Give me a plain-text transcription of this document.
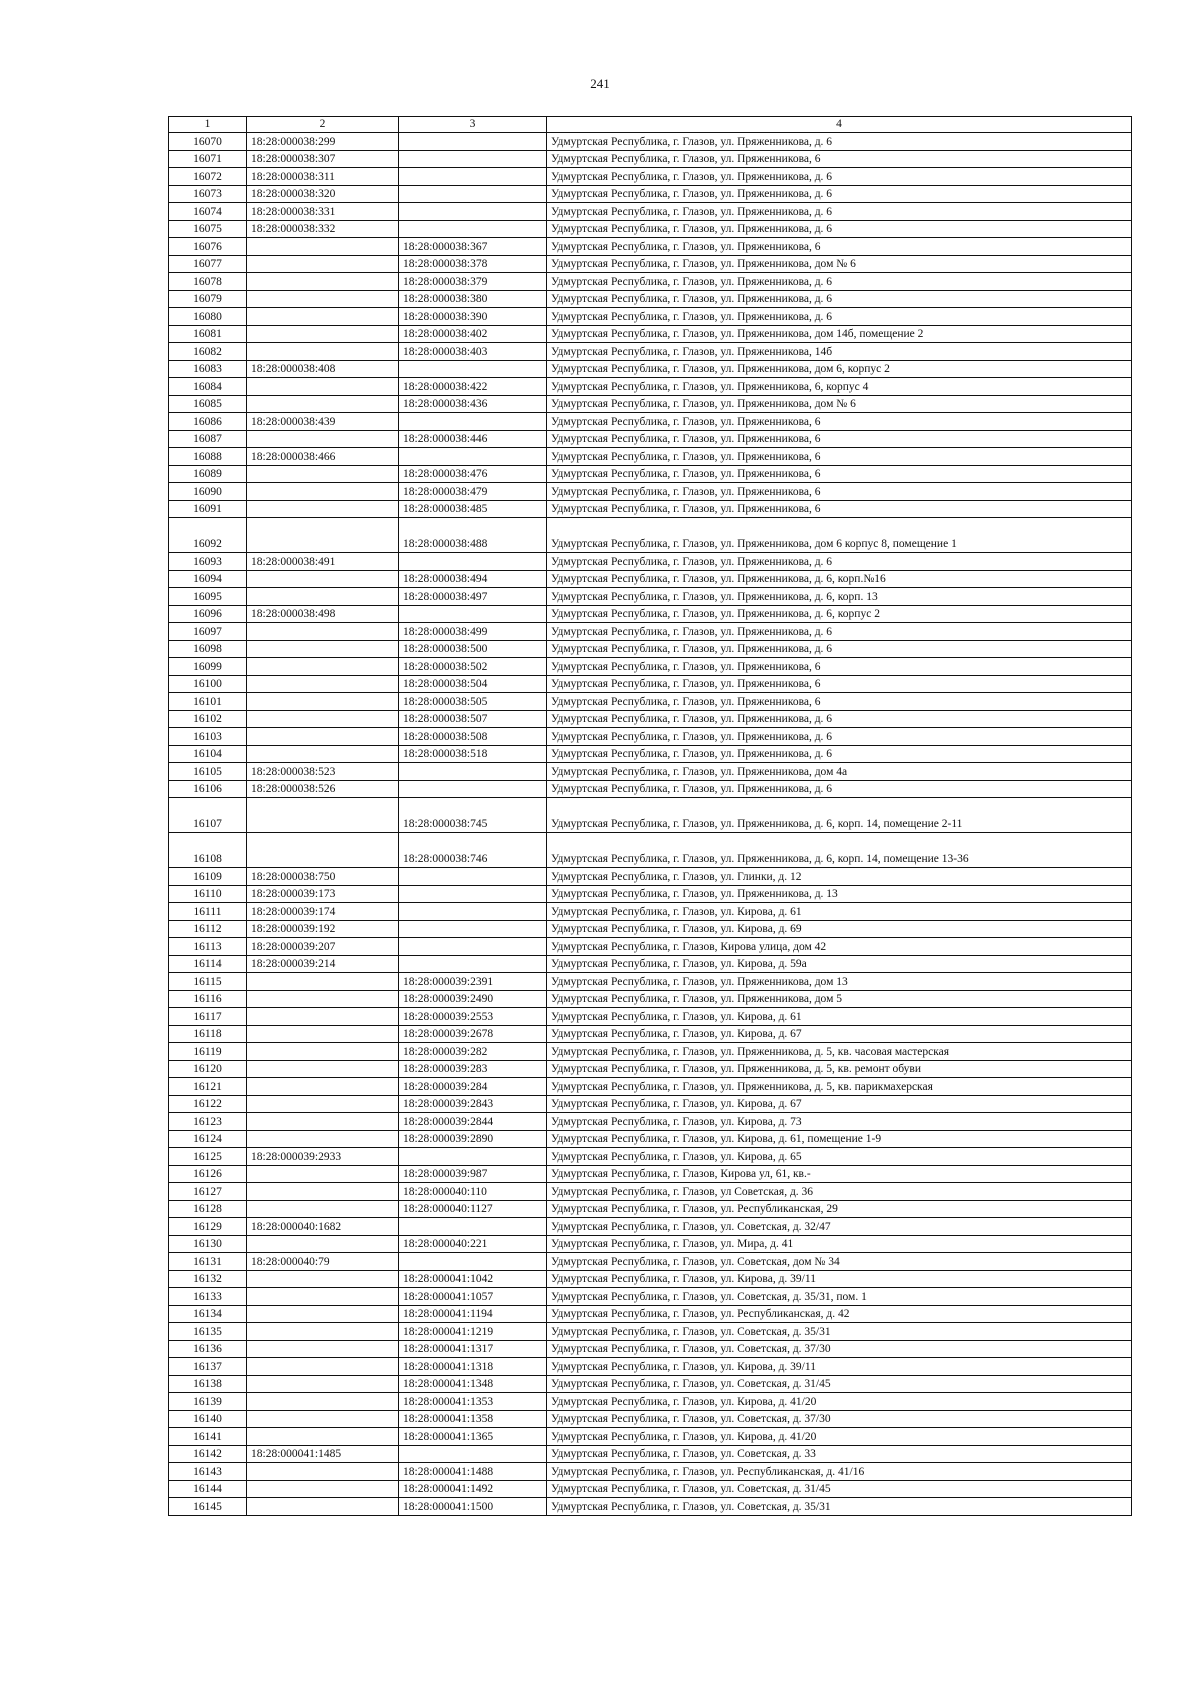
241
1	2	3	4
16070	18:28:000038:299		Удмуртская Республика, г. Глазов, ул. Пряженникова, д. 6
16071	18:28:000038:307		Удмуртская Республика, г. Глазов, ул. Пряженникова, 6
16072	18:28:000038:311		Удмуртская Республика, г. Глазов, ул. Пряженникова, д. 6
16073	18:28:000038:320		Удмуртская Республика, г. Глазов, ул. Пряженникова, д. 6
16074	18:28:000038:331		Удмуртская Республика, г. Глазов, ул. Пряженникова, д. 6
16075	18:28:000038:332		Удмуртская Республика, г. Глазов, ул. Пряженникова, д. 6
16076		18:28:000038:367	Удмуртская Республика, г. Глазов, ул. Пряженникова, 6
16077		18:28:000038:378	Удмуртская Республика, г. Глазов, ул. Пряженникова, дом № 6
16078		18:28:000038:379	Удмуртская Республика, г. Глазов, ул. Пряженникова, д. 6
16079		18:28:000038:380	Удмуртская Республика, г. Глазов, ул. Пряженникова, д. 6
16080		18:28:000038:390	Удмуртская Республика, г. Глазов, ул. Пряженникова, д. 6
16081		18:28:000038:402	Удмуртская Республика, г. Глазов, ул. Пряженникова, дом 14б, помещение 2
16082		18:28:000038:403	Удмуртская Республика, г. Глазов, ул. Пряженникова, 14б
16083	18:28:000038:408		Удмуртская Республика, г. Глазов, ул. Пряженникова, дом 6, корпус 2
16084		18:28:000038:422	Удмуртская Республика, г. Глазов, ул. Пряженникова, 6, корпус 4
16085		18:28:000038:436	Удмуртская Республика, г. Глазов, ул. Пряженникова, дом № 6
16086	18:28:000038:439		Удмуртская Республика, г. Глазов, ул. Пряженникова, 6
16087		18:28:000038:446	Удмуртская Республика, г. Глазов, ул. Пряженникова, 6
16088	18:28:000038:466		Удмуртская Республика, г. Глазов, ул. Пряженникова, 6
16089		18:28:000038:476	Удмуртская Республика, г. Глазов, ул. Пряженникова, 6
16090		18:28:000038:479	Удмуртская Республика, г. Глазов, ул. Пряженникова, 6
16091		18:28:000038:485	Удмуртская Республика, г. Глазов, ул. Пряженникова, 6
16092		18:28:000038:488	Удмуртская Республика, г. Глазов, ул. Пряженникова, дом 6 корпус 8, помещение 1
16093	18:28:000038:491		Удмуртская Республика, г. Глазов, ул. Пряженникова, д. 6
16094		18:28:000038:494	Удмуртская Республика, г. Глазов, ул. Пряженникова, д. 6, корп.№16
16095		18:28:000038:497	Удмуртская Республика, г. Глазов, ул. Пряженникова, д. 6, корп. 13
16096	18:28:000038:498		Удмуртская Республика, г. Глазов, ул. Пряженникова, д. 6, корпус 2
16097		18:28:000038:499	Удмуртская Республика, г. Глазов, ул. Пряженникова, д. 6
16098		18:28:000038:500	Удмуртская Республика, г. Глазов, ул. Пряженникова, д. 6
16099		18:28:000038:502	Удмуртская Республика, г. Глазов, ул. Пряженникова, 6
16100		18:28:000038:504	Удмуртская Республика, г. Глазов, ул. Пряженникова, 6
16101		18:28:000038:505	Удмуртская Республика, г. Глазов, ул. Пряженникова, 6
16102		18:28:000038:507	Удмуртская Республика, г. Глазов, ул. Пряженникова, д. 6
16103		18:28:000038:508	Удмуртская Республика, г. Глазов, ул. Пряженникова, д. 6
16104		18:28:000038:518	Удмуртская Республика, г. Глазов, ул. Пряженникова, д. 6
16105	18:28:000038:523		Удмуртская Республика, г. Глазов, ул. Пряженникова, дом 4а
16106	18:28:000038:526		Удмуртская Республика, г. Глазов, ул. Пряженникова, д. 6
16107		18:28:000038:745	Удмуртская Республика, г. Глазов, ул. Пряженникова, д. 6, корп. 14, помещение 2-11
16108		18:28:000038:746	Удмуртская Республика, г. Глазов, ул. Пряженникова, д. 6, корп. 14, помещение 13-36
16109	18:28:000038:750		Удмуртская Республика, г. Глазов, ул. Глинки, д. 12
16110	18:28:000039:173		Удмуртская Республика, г. Глазов, ул. Пряженникова, д. 13
16111	18:28:000039:174		Удмуртская Республика, г. Глазов, ул. Кирова, д. 61
16112	18:28:000039:192		Удмуртская Республика, г. Глазов, ул. Кирова, д. 69
16113	18:28:000039:207		Удмуртская Республика, г. Глазов, Кирова улица, дом 42
16114	18:28:000039:214		Удмуртская Республика, г. Глазов, ул. Кирова, д. 59а
16115		18:28:000039:2391	Удмуртская Республика, г. Глазов, ул. Пряженникова, дом 13
16116		18:28:000039:2490	Удмуртская Республика, г. Глазов, ул. Пряженникова, дом 5
16117		18:28:000039:2553	Удмуртская Республика, г. Глазов, ул. Кирова, д. 61
16118		18:28:000039:2678	Удмуртская Республика, г. Глазов, ул. Кирова, д. 67
16119		18:28:000039:282	Удмуртская Республика, г. Глазов, ул. Пряженникова, д. 5, кв. часовая мастерская
16120		18:28:000039:283	Удмуртская Республика, г. Глазов, ул. Пряженникова, д. 5, кв. ремонт обуви
16121		18:28:000039:284	Удмуртская Республика, г. Глазов, ул. Пряженникова, д. 5, кв. парикмахерская
16122		18:28:000039:2843	Удмуртская Республика, г. Глазов, ул. Кирова, д. 67
16123		18:28:000039:2844	Удмуртская Республика, г. Глазов, ул. Кирова, д. 73
16124		18:28:000039:2890	Удмуртская Республика, г. Глазов, ул. Кирова, д. 61, помещение 1-9
16125	18:28:000039:2933		Удмуртская Республика, г. Глазов, ул. Кирова, д. 65
16126		18:28:000039:987	Удмуртская Республика, г. Глазов, Кирова ул, 61, кв.-
16127		18:28:000040:110	Удмуртская Республика, г. Глазов, ул Советская, д. 36
16128		18:28:000040:1127	Удмуртская Республика, г. Глазов, ул. Республиканская, 29
16129	18:28:000040:1682		Удмуртская Республика, г. Глазов, ул. Советская, д. 32/47
16130		18:28:000040:221	Удмуртская Республика, г. Глазов, ул. Мира, д. 41
16131	18:28:000040:79		Удмуртская Республика, г. Глазов, ул. Советская, дом № 34
16132		18:28:000041:1042	Удмуртская Республика, г. Глазов, ул. Кирова, д. 39/11
16133		18:28:000041:1057	Удмуртская Республика, г. Глазов, ул. Советская, д. 35/31, пом. 1
16134		18:28:000041:1194	Удмуртская Республика, г. Глазов, ул. Республиканская, д. 42
16135		18:28:000041:1219	Удмуртская Республика, г. Глазов, ул. Советская, д. 35/31
16136		18:28:000041:1317	Удмуртская Республика, г. Глазов, ул. Советская, д. 37/30
16137		18:28:000041:1318	Удмуртская Республика, г. Глазов, ул. Кирова, д. 39/11
16138		18:28:000041:1348	Удмуртская Республика, г. Глазов, ул. Советская, д. 31/45
16139		18:28:000041:1353	Удмуртская Республика, г. Глазов, ул. Кирова, д. 41/20
16140		18:28:000041:1358	Удмуртская Республика, г. Глазов, ул. Советская, д. 37/30
16141		18:28:000041:1365	Удмуртская Республика, г. Глазов, ул. Кирова, д. 41/20
16142	18:28:000041:1485		Удмуртская Республика, г. Глазов, ул. Советская, д. 33
16143		18:28:000041:1488	Удмуртская Республика, г. Глазов, ул. Республиканская, д. 41/16
16144		18:28:000041:1492	Удмуртская Республика, г. Глазов, ул. Советская, д. 31/45
16145		18:28:000041:1500	Удмуртская Республика, г. Глазов, ул. Советская, д. 35/31
